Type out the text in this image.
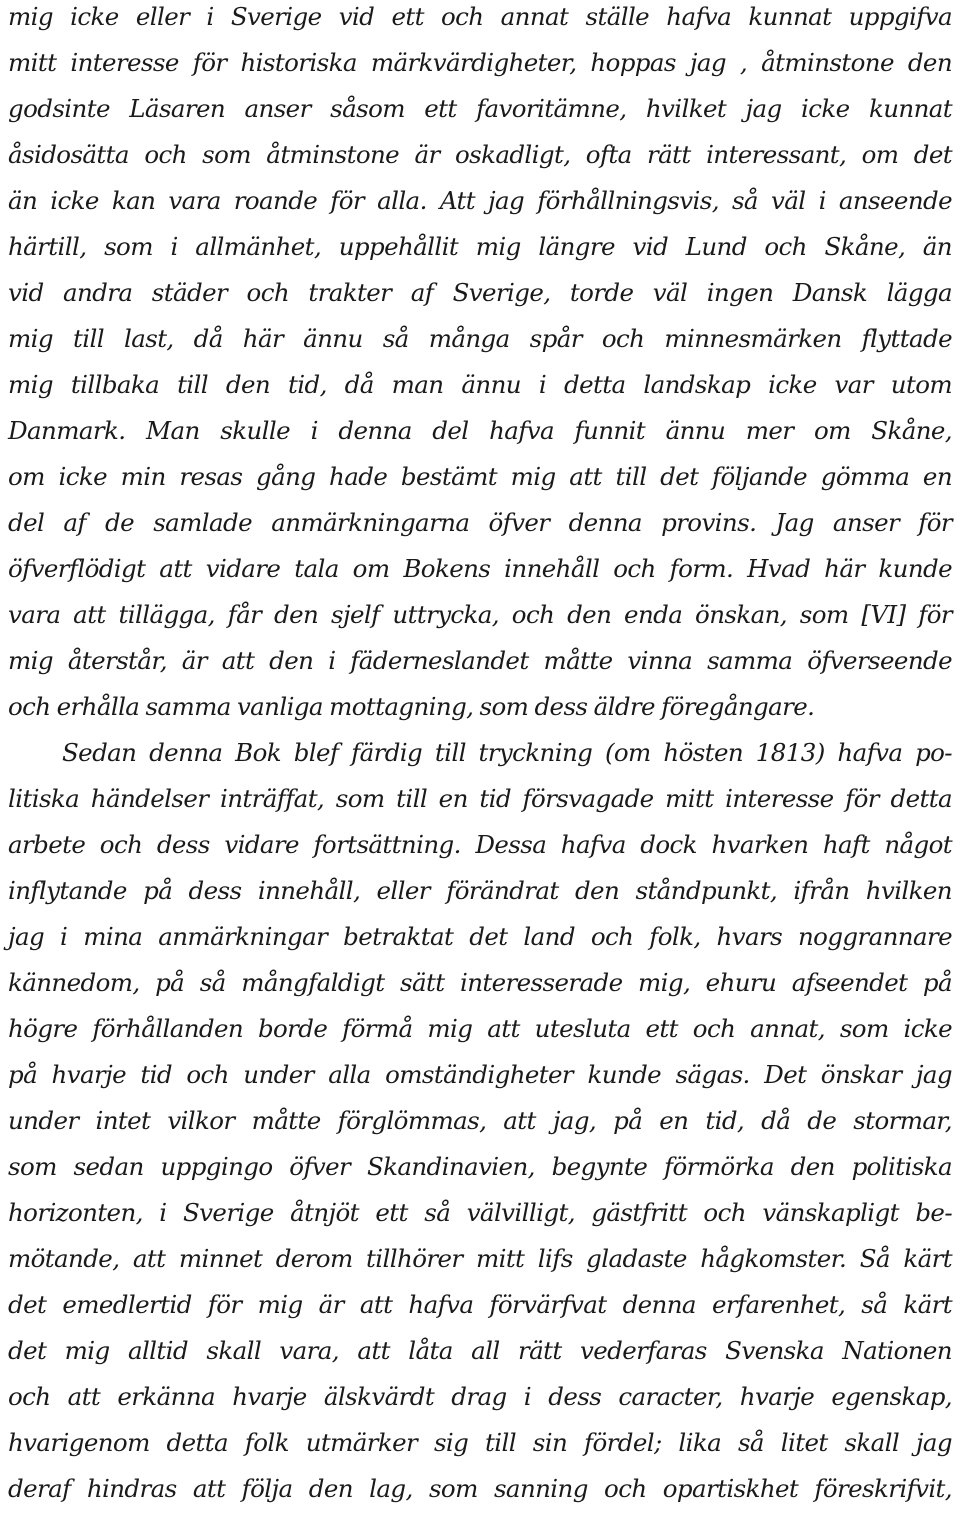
mig icke eller i Sverige vid ett och annat ställe hafva kunnat uppgifva
mitt interesse för historiska märkvärdigheter, hoppas jag , åtminstone den
godsinte Läsaren anser såsom ett favoritämne, hvilket jag icke kunnat
åsidosätta och som åtminstone är oskadligt, ofta rätt interessant, om det
än icke kan vara roande för alla. Att jag förhållningsvis, så väl i anseende
härtill, som i allmänhet, uppehållit mig längre vid Lund och Skåne, än
vid andra städer och trakter af Sverige, torde väl ingen Dansk lägga
mig till last, då här ännu så många spår och minnesmärken flyttade
mig tillbaka till den tid, då man ännu i detta landskap icke var utom
Danmark. Man skulle i denna del hafva funnit ännu mer om Skåne,
om icke min resas gång hade bestämt mig att till det följande gömma en
del af de samlade anmärkningarna öfver denna provins. Jag anser för
öfverflödigt att vidare tala om Bokens innehåll och form. Hvad här kunde
vara att tillägga, får den sjelf uttrycka, och den enda önskan, som [VI] för
mig återstår, är att den i fäderneslandet måtte vinna samma öfverseende
och erhålla samma vanliga mottagning, som dess äldre föregångare.
Sedan denna Bok blef färdig till tryckning (om hösten 1813) hafva po-
litiska händelser inträffat, som till en tid försvagade mitt interesse för detta
arbete och dess vidare fortsättning. Dessa hafva dock hvarken haft något
inflytande på dess innehåll, eller förändrat den ståndpunkt, ifrån hvilken
jag i mina anmärkningar betraktat det land och folk, hvars noggrannare
kännedom, på så mångfaldigt sätt interesserade mig, ehuru afseendet på
högre förhållanden borde förmå mig att utesluta ett och annat, som icke
på hvarje tid och under alla omständigheter kunde sägas. Det önskar jag
under intet vilkor måtte förglömmas, att jag, på en tid, då de stormar,
som sedan uppgingo öfver Skandinavien, begynte förmörka den politiska
horizonten, i Sverige åtnjöt ett så välvilligt, gästfritt och vänskapligt be-
mötande, att minnet derom tillhörer mitt lifs gladaste hågkomster. Så kärt
det emedlertid för mig är att hafva förvärfvat denna erfarenhet, så kärt
det mig alltid skall vara, att låta all rätt vederfaras Svenska Nationen
och att erkänna hvarje älskvärdt drag i dess caracter, hvarje egenskap,
hvarigenom detta folk utmärker sig till sin fördel; lika så litet skall jag
deraf hindras att följa den lag, som sanning och opartiskhet föreskrifvit,
